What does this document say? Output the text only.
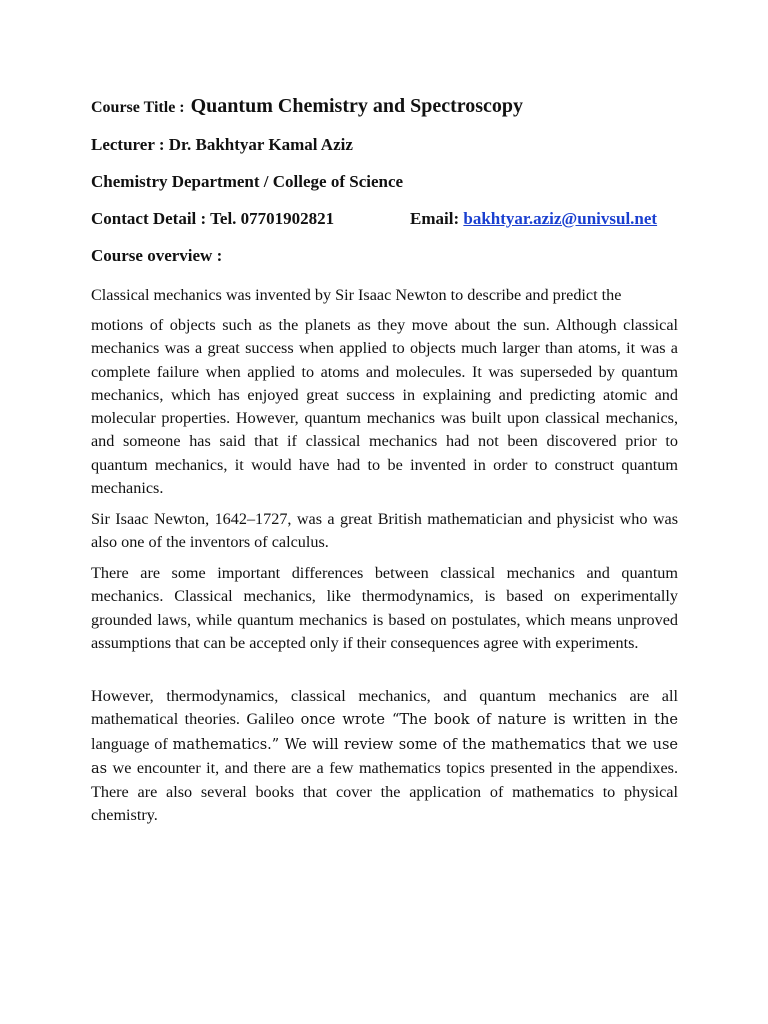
Course Title : Quantum Chemistry and Spectroscopy
Lecturer : Dr. Bakhtyar Kamal Aziz
Chemistry Department / College of Science
Contact Detail : Tel. 07701902821	Email: bakhtyar.aziz@univsul.net
Course overview :

Classical mechanics was invented by Sir Isaac Newton to describe and predict the

motions of objects such as the planets as they move about the sun. Although classical mechanics was a great success when applied to objects much larger than atoms, it was a complete failure when applied to atoms and molecules. It was superseded by quantum mechanics, which has enjoyed great success in explaining and predicting atomic and molecular properties. However, quantum mechanics was built upon classical mechanics, and someone has said that if classical mechanics had not been discovered prior to quantum mechanics, it would have had to be invented in order to construct quantum mechanics.

Sir Isaac Newton, 1642–1727, was a great British mathematician and physicist who was also one of the inventors of calculus.

There are some important differences between classical mechanics and quantum mechanics. Classical mechanics, like thermodynamics, is based on experimentally grounded laws, while quantum mechanics is based on postulates, which means unproved assumptions that can be accepted only if their consequences agree with experiments.

However, thermodynamics, classical mechanics, and quantum mechanics are all mathematical theories. Galileo once wrote “The book of nature is written in the language of mathematics.” We will review some of the mathematics that we use as we encounter it, and there are a few mathematics topics presented in the appendixes. There are also several books that cover the application of mathematics to physical chemistry.
